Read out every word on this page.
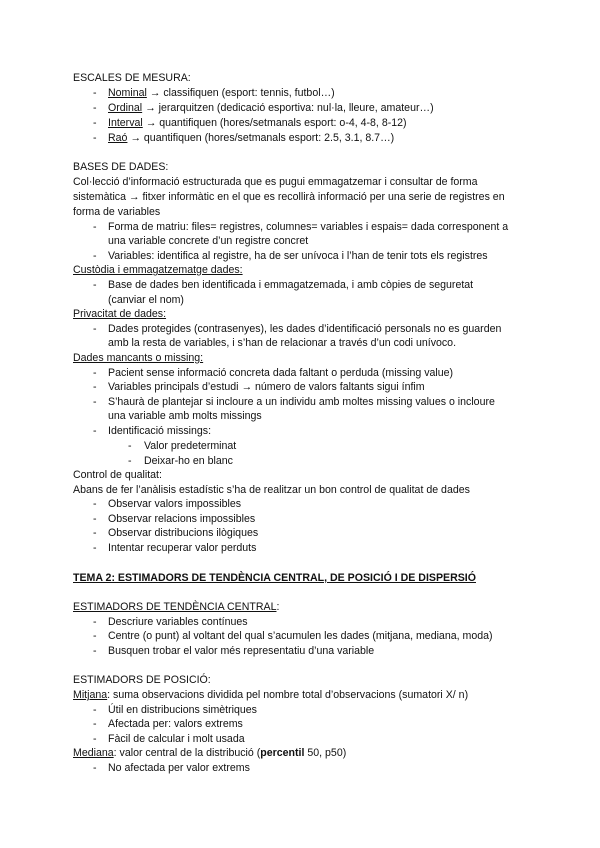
ESCALES DE MESURA:
- Nominal → classifiquen (esport: tennis, futbol…)
- Ordinal → jerarquitzen (dedicació esportiva: nul·la, lleure, amateur…)
- Interval → quantifiquen (hores/setmanals esport: o-4, 4-8, 8-12)
- Raó → quantifiquen (hores/setmanals esport: 2.5, 3.1, 8.7…)
BASES DE DADES:
Col·lecció d’informació estructurada que es pugui emmagatzemar i consultar de forma
sistemàtica → fitxer informàtic en el que es recollirà informació per una serie de registres en
forma de variables
- Forma de matriu: files= registres, columnes= variables i espais= dada corresponent a
una variable concrete d’un registre concret
- Variables: identifica al registre, ha de ser unívoca i l’han de tenir tots els registres
Custòdia i emmagatzematge dades:
- Base de dades ben identificada i emmagatzemada, i amb còpies de seguretat
(canviar el nom)
Privacitat de dades:
- Dades protegides (contrasenyes), les dades d’identificació personals no es guarden
amb la resta de variables, i s’han de relacionar a través d’un codi unívoco.
Dades mancants o missing:
- Pacient sense informació concreta dada faltant o perduda (missing value)
- Variables principals d’estudi → número de valors faltants sigui ínfim
- S’haurà de plantejar si incloure a un individu amb moltes missing values o incloure
una variable amb molts missings
- Identificació missings:
- Valor predeterminat
- Deixar-ho en blanc
Control de qualitat:
Abans de fer l’anàlisis estadístic s’ha de realitzar un bon control de qualitat de dades
- Observar valors impossibles
- Observar relacions impossibles
- Observar distribucions ilògiques
- Intentar recuperar valor perduts
TEMA 2: ESTIMADORS DE TENDÈNCIA CENTRAL, DE POSICIÓ I DE DISPERSIÓ
ESTIMADORS DE TENDÈNCIA CENTRAL:
- Descriure variables contínues
- Centre (o punt) al voltant del qual s’acumulen les dades (mitjana, mediana, moda)
- Busquen trobar el valor més representatiu d’una variable
ESTIMADORS DE POSICIÓ:
Mitjana: suma observacions dividida pel nombre total d’observacions (sumatori X/ n)
- Útil en distribucions simètriques
- Afectada per: valors extrems
- Fàcil de calcular i molt usada
Mediana: valor central de la distribució (percentil 50, p50)
- No afectada per valor extrems
